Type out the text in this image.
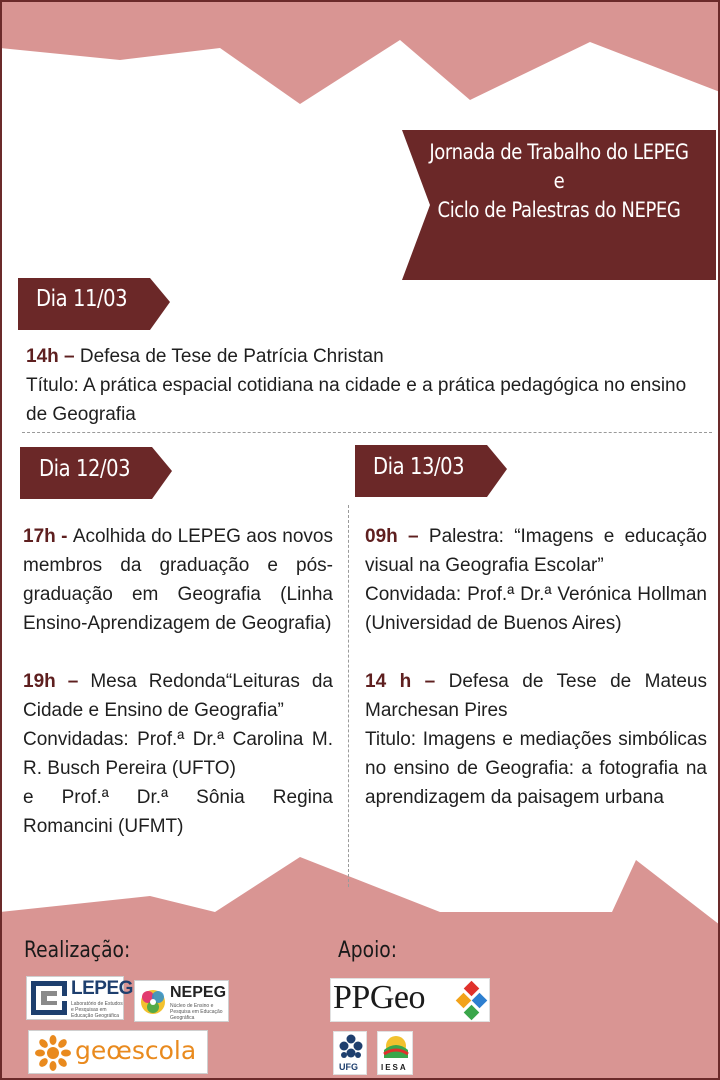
Jornada de Trabalho do LEPEG
e
Ciclo de Palestras do NEPEG
Dia 11/03
14h – Defesa de Tese de Patrícia Christan
Título: A prática espacial cotidiana na cidade e a prática pedagógica no ensino de Geografia
Dia 12/03

17h - Acolhida do LEPEG aos novos membros da graduação e pós-graduação em Geografia (Linha Ensino-Aprendizagem de Geografia)

19h – Mesa Redonda“Leituras da Cidade e Ensino de Geografia”

Convidadas: Prof.ª Dr.ª Carolina M. R. Busch Pereira (UFTO)

e Prof.ª Dr.ª Sônia Regina Romancini (UFMT)

Dia 13/03

09h – Palestra: “Imagens e educação visual na Geografia Escolar”

Convidada: Prof.ª Dr.ª Verónica Hollman (Universidad de Buenos Aires)

14 h – Defesa de Tese de Mateus Marchesan Pires

Titulo: Imagens e mediações simbólicas no ensino de Geografia: a fotografia na aprendizagem da paisagem urbana

Realização:	Apoio:
LEPEG
Laboratório de Estudos e Pesquisas em Educação Geográfica
NEPEG
Núcleo de Ensino e Pesquisa em Educação Geográfica
geœscola
PPGeo
UFG	IESA
